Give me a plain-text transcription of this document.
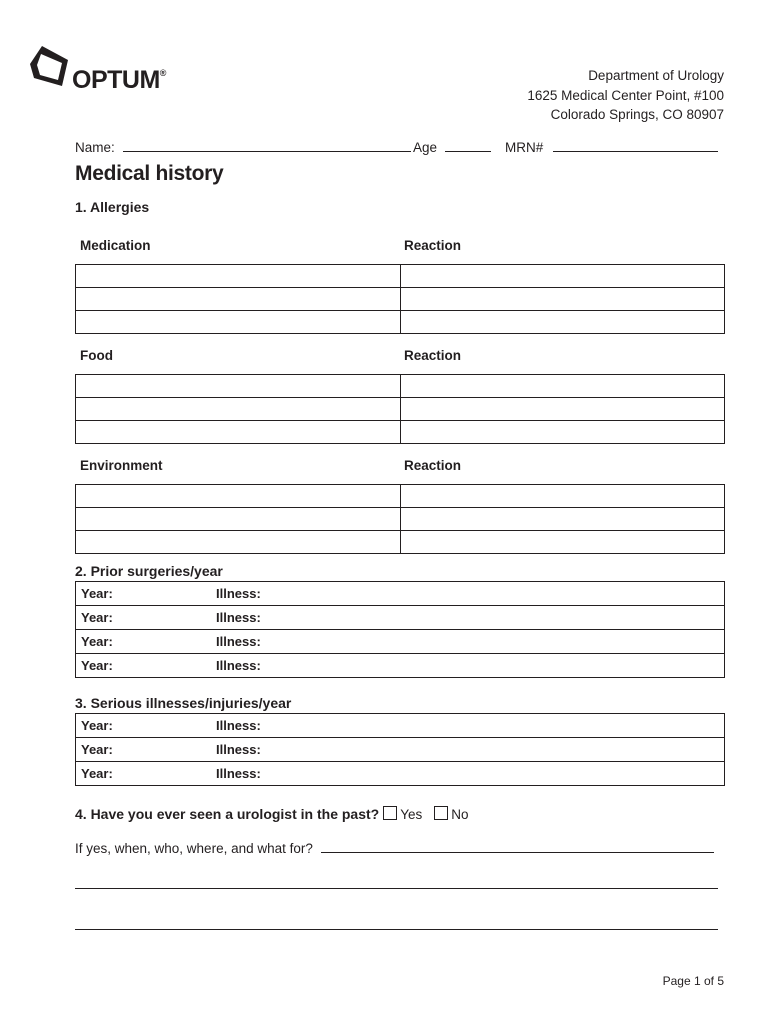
OPTUM®	Department of Urology
1625 Medical Center Point, #100
Colorado Springs, CO 80907
Name:	Age	MRN#
Medical history
1. Allergies
Medication	Reaction

Food	Reaction

Environment	Reaction

2. Prior surgeries/year
Year:	Illness:
Year:	Illness:
Year:	Illness:
Year:	Illness:
3. Serious illnesses/injuries/year
Year:	Illness:
Year:	Illness:
Year:	Illness:
4. Have you ever seen a urologist in the past? Yes No
If yes, when, who, where, and what for?
Page 1 of 5
